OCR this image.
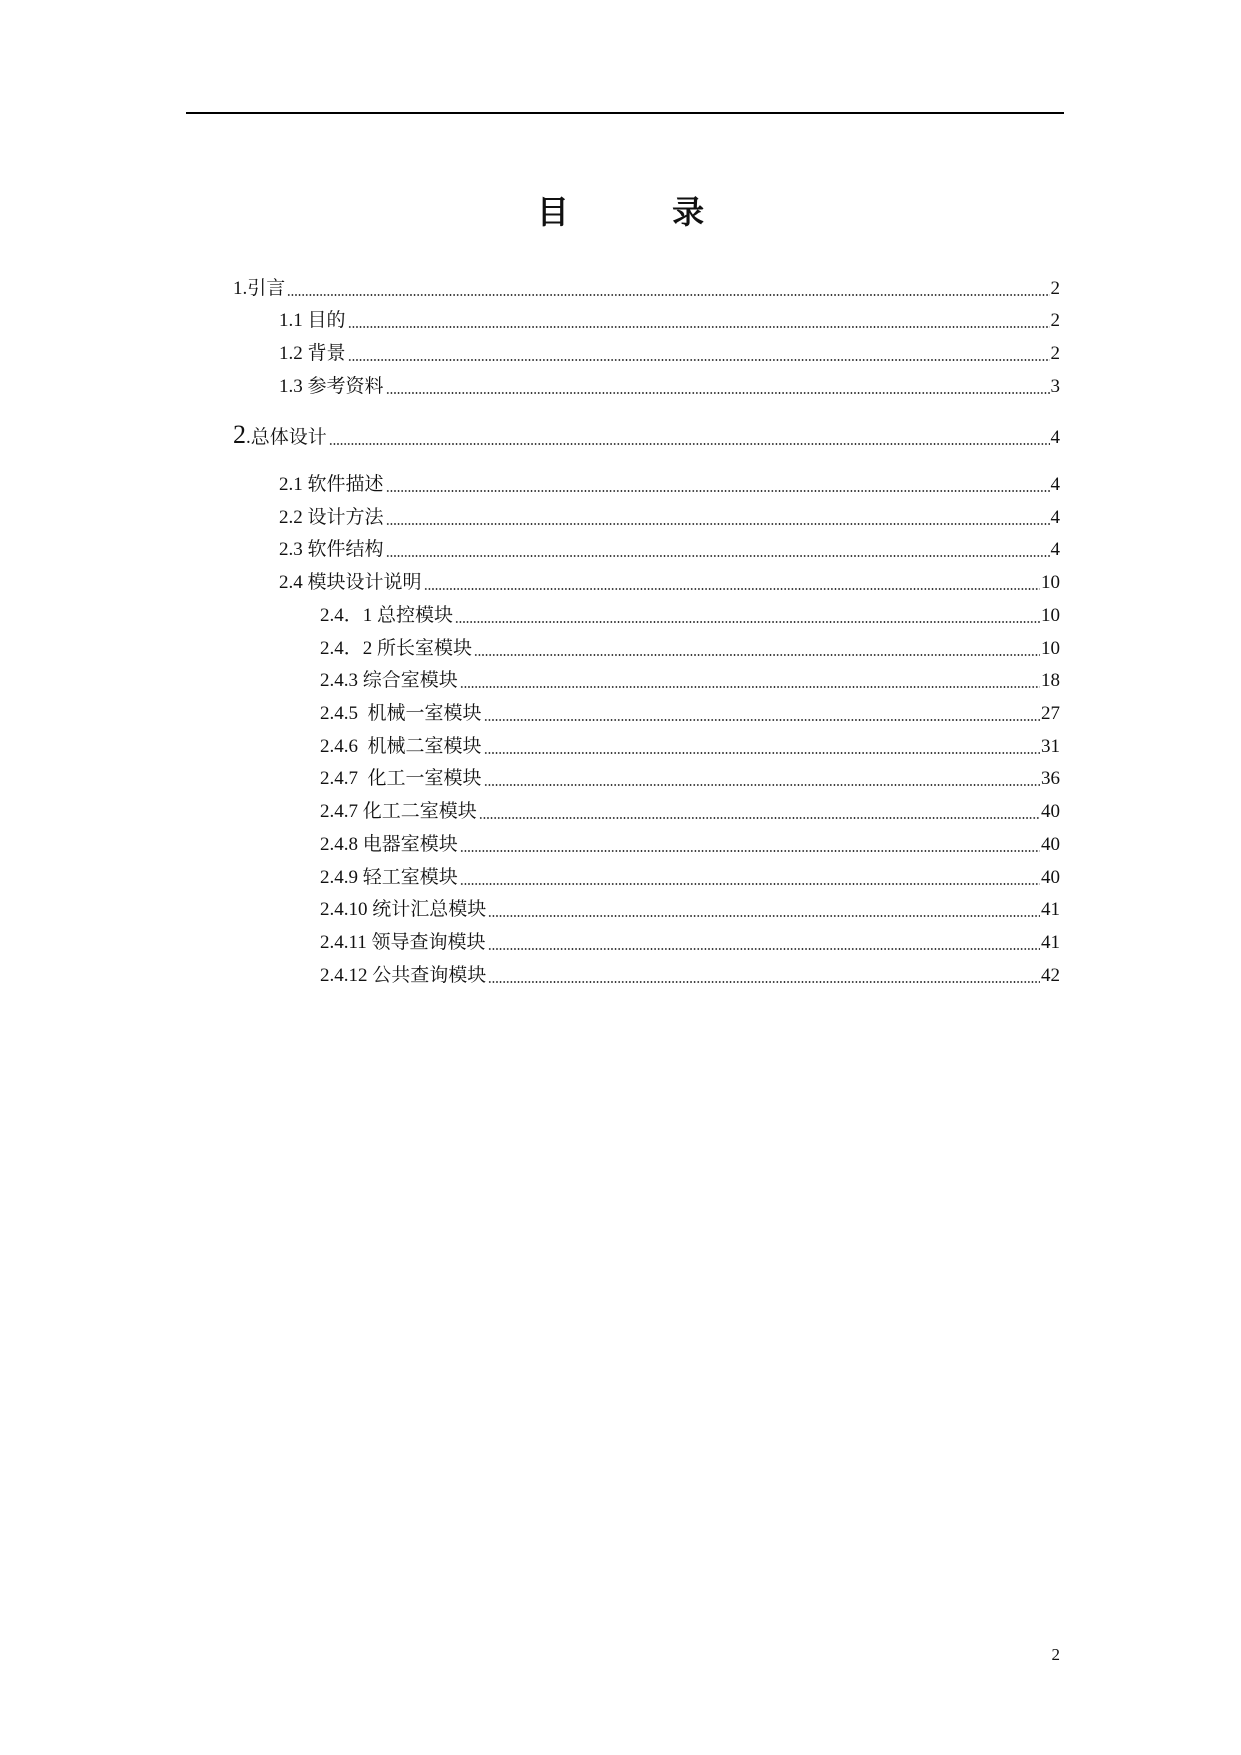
目 录
1.引言	2
1.1 目的	2
1.2 背景	2
1.3 参考资料	3
2.总体设计	4
2.1 软件描述	4
2.2 设计方法	4
2.3 软件结构	4
2.4 模块设计说明	10
2.4．1 总控模块	10
2.4．2 所长室模块	10
2.4.3 综合室模块	18
2.4.5  机械一室模块	27
2.4.6  机械二室模块	31
2.4.7  化工一室模块	36
2.4.7 化工二室模块	40
2.4.8 电器室模块	40
2.4.9 轻工室模块	40
2.4.10 统计汇总模块	41
2.4.11 领导查询模块	41
2.4.12 公共查询模块	42
2
